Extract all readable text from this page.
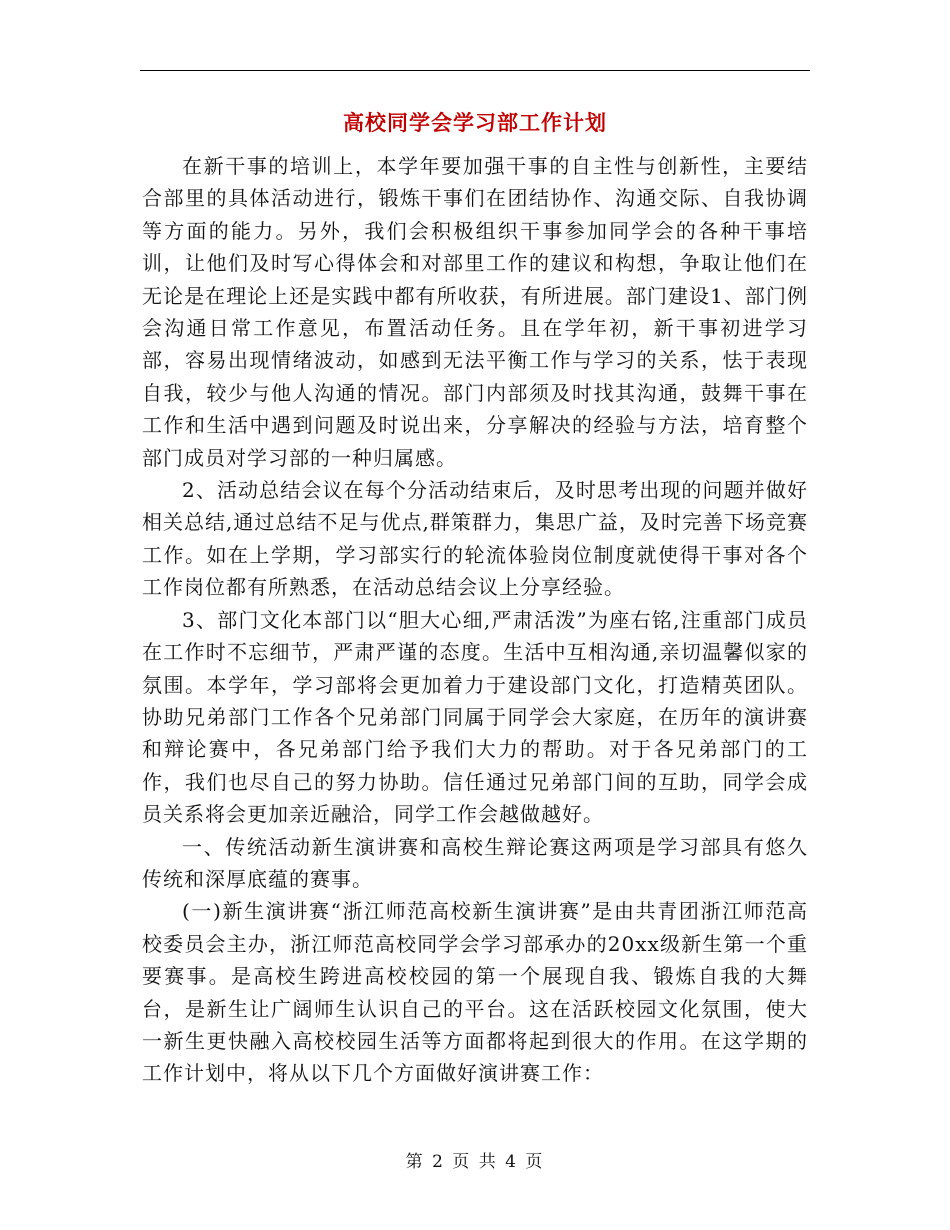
高校同学会学习部工作计划

在新干事的培训上，本学年要加强干事的自主性与创新性，主要结合部里的具体活动进行，锻炼干事们在团结协作、沟通交际、自我协调等方面的能力。另外，我们会积极组织干事参加同学会的各种干事培训，让他们及时写心得体会和对部里工作的建议和构想，争取让他们在无论是在理论上还是实践中都有所收获，有所进展。部门建设1、部门例会沟通日常工作意见，布置活动任务。且在学年初，新干事初进学习部，容易出现情绪波动，如感到无法平衡工作与学习的关系，怯于表现自我，较少与他人沟通的情况。部门内部须及时找其沟通，鼓舞干事在工作和生活中遇到问题及时说出来，分享解决的经验与方法，培育整个部门成员对学习部的一种归属感。

2、活动总结会议在每个分活动结束后，及时思考出现的问题并做好相关总结,通过总结不足与优点,群策群力，集思广益，及时完善下场竞赛工作。如在上学期，学习部实行的轮流体验岗位制度就使得干事对各个工作岗位都有所熟悉，在活动总结会议上分享经验。

3、部门文化本部门以“胆大心细,严肃活泼”为座右铭,注重部门成员在工作时不忘细节，严肃严谨的态度。生活中互相沟通,亲切温馨似家的氛围。本学年，学习部将会更加着力于建设部门文化，打造精英团队。协助兄弟部门工作各个兄弟部门同属于同学会大家庭，在历年的演讲赛和辩论赛中，各兄弟部门给予我们大力的帮助。对于各兄弟部门的工作，我们也尽自己的努力协助。信任通过兄弟部门间的互助，同学会成员关系将会更加亲近融洽，同学工作会越做越好。

一、传统活动新生演讲赛和高校生辩论赛这两项是学习部具有悠久传统和深厚底蕴的赛事。

(一)新生演讲赛“浙江师范高校新生演讲赛”是由共青团浙江师范高校委员会主办，浙江师范高校同学会学习部承办的20xx级新生第一个重要赛事。是高校生跨进高校校园的第一个展现自我、锻炼自我的大舞台，是新生让广阔师生认识自己的平台。这在活跃校园文化氛围，使大一新生更快融入高校校园生活等方面都将起到很大的作用。在这学期的工作计划中，将从以下几个方面做好演讲赛工作：

第 2 页 共 4 页
